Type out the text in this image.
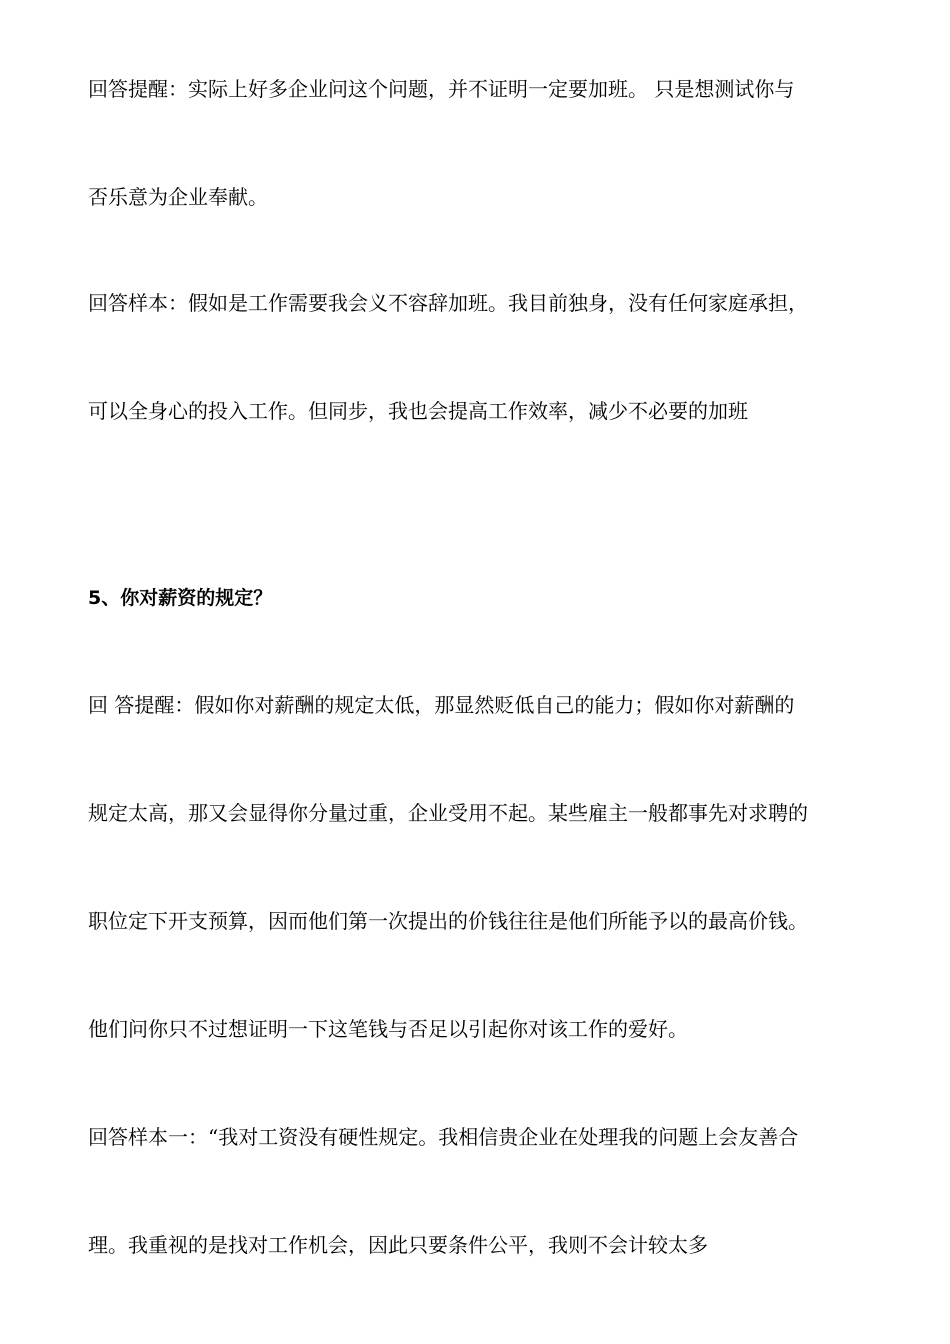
回答提醒：实际上好多企业问这个问题，并不证明一定要加班。 只是想测试你与
否乐意为企业奉献。
回答样本：假如是工作需要我会义不容辞加班。我目前独身，没有任何家庭承担，
可以全身心的投入工作。但同步，我也会提高工作效率，减少不必要的加班
5、你对薪资的规定？
回 答提醒：假如你对薪酬的规定太低，那显然贬低自己的能力；假如你对薪酬的
规定太高，那又会显得你分量过重，企业受用不起。某些雇主一般都事先对求聘的
职位定下开支预算，因而他们第一次提出的价钱往往是他们所能予以的最高价钱。
他们问你只不过想证明一下这笔钱与否足以引起你对该工作的爱好。
回答样本一：“我对工资没有硬性规定。我相信贵企业在处理我的问题上会友善合
理。我重视的是找对工作机会，因此只要条件公平，我则不会计较太多
